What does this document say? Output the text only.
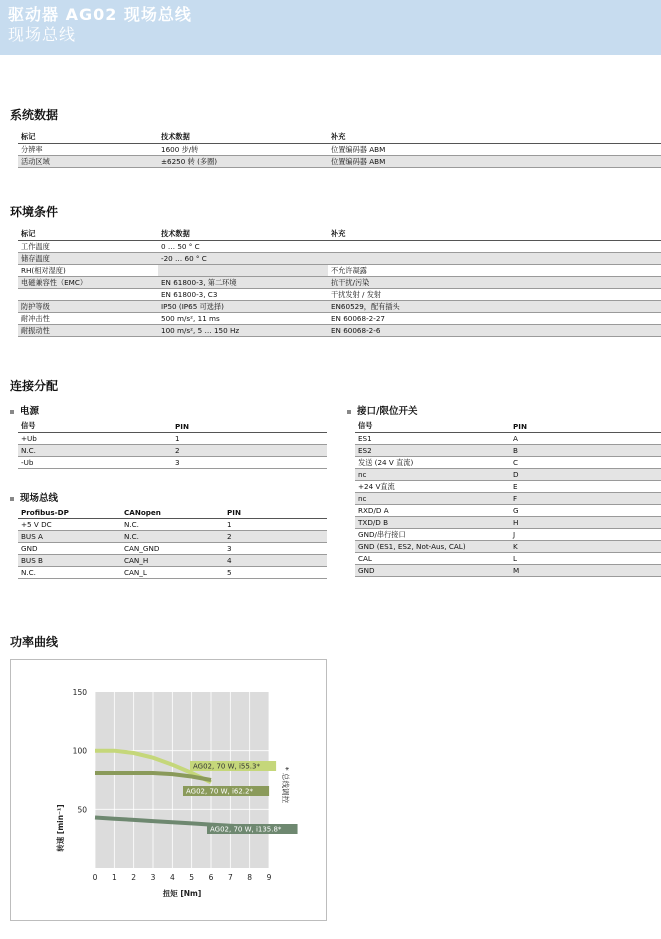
驱动器 AG02 现场总线
现场总线
系统数据
标记	技术数据	补充
分辨率	1600 步/转	位置编码器 ABM
活动区域	±6250 转 (多圈)	位置编码器 ABM
环境条件
标记	技术数据	补充
工作温度	0 … 50 ° C	
储存温度	-20 … 60 ° C	
RH(相对湿度)		不允许凝露
电磁兼容性（EMC）	EN 61800-3, 第二环境	抗干扰/污染
	EN 61800-3, C3	干扰发射 / 发射
防护等级	IP50 (IP65 可选择)	EN60529，配有插头
耐冲击性	500 m/s², 11 ms	EN 60068-2-27
耐振动性	100 m/s², 5 … 150 Hz	EN 60068-2-6
连接分配
电源
信号	PIN
+Ub	1
N.C.	2
-Ub	3
现场总线
Profibus-DP	CANopen	PIN
+5 V DC	N.C.	1
BUS A	N.C.	2
GND	CAN_GND	3
BUS B	CAN_H	4
N.C.	CAN_L	5
接口/限位开关
信号	PIN
ES1	A
ES2	B
发送 (24 V 直流)	C
nc	D
+24 V直流	E
nc	F
RXD/D A	G
TXD/D B	H
GND/串行接口	J
GND (ES1, ES2, Not-Aus, CAL)	K
CAL	L
GND	M
功率曲线
0 1 2 3 4 5 6 7 8 9
50
100
150
扭矩 [Nm]
转速 [min⁻¹]
* 总线调控
AG02, 70 W, i55.3*
AG02, 70 W, i62.2*
AG02, 70 W, i135.8*
